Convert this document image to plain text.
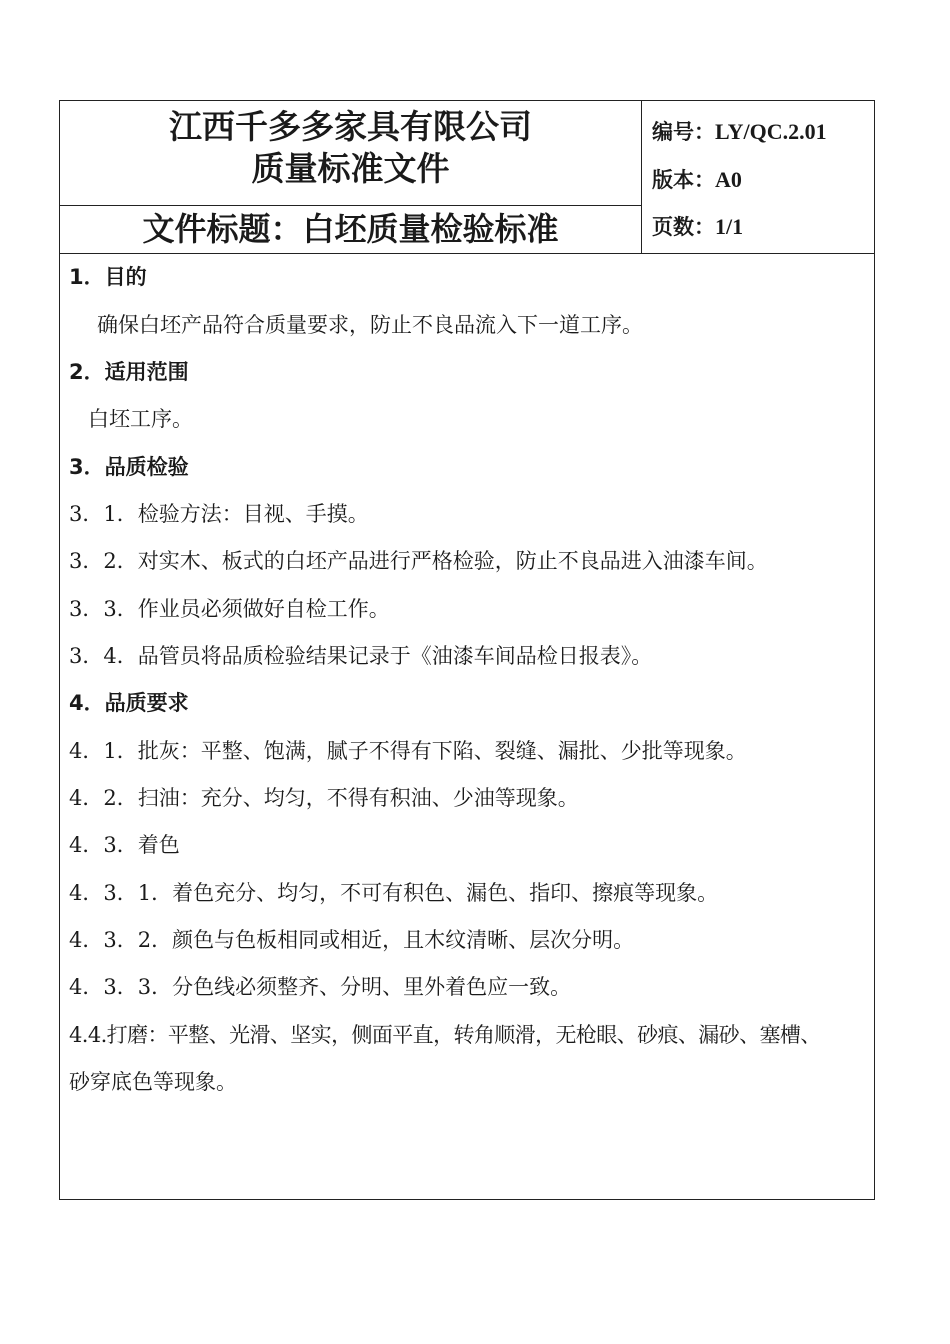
江西千多多家具有限公司
质量标准文件
文件标题：白坯质量检验标准
编号：LY/QC.2.01
版本：A0
页数：1/1
1．目的
确保白坯产品符合质量要求，防止不良品流入下一道工序。
2．适用范围
白坯工序。
3．品质检验
3．1．检验方法：目视、手摸。
3．2．对实木、板式的白坯产品进行严格检验，防止不良品进入油漆车间。
3．3．作业员必须做好自检工作。
3．4．品管员将品质检验结果记录于《油漆车间品检日报表》。
4．品质要求
4．1．批灰：平整、饱满，腻子不得有下陷、裂缝、漏批、少批等现象。
4．2．扫油：充分、均匀，不得有积油、少油等现象。
4．3．着色
4．3．1．着色充分、均匀，不可有积色、漏色、指印、擦痕等现象。
4．3．2．颜色与色板相同或相近，且木纹清晰、层次分明。
4．3．3．分色线必须整齐、分明、里外着色应一致。
4.4.打磨：平整、光滑、坚实，侧面平直，转角顺滑，无枪眼、砂痕、漏砂、塞槽、
砂穿底色等现象。
